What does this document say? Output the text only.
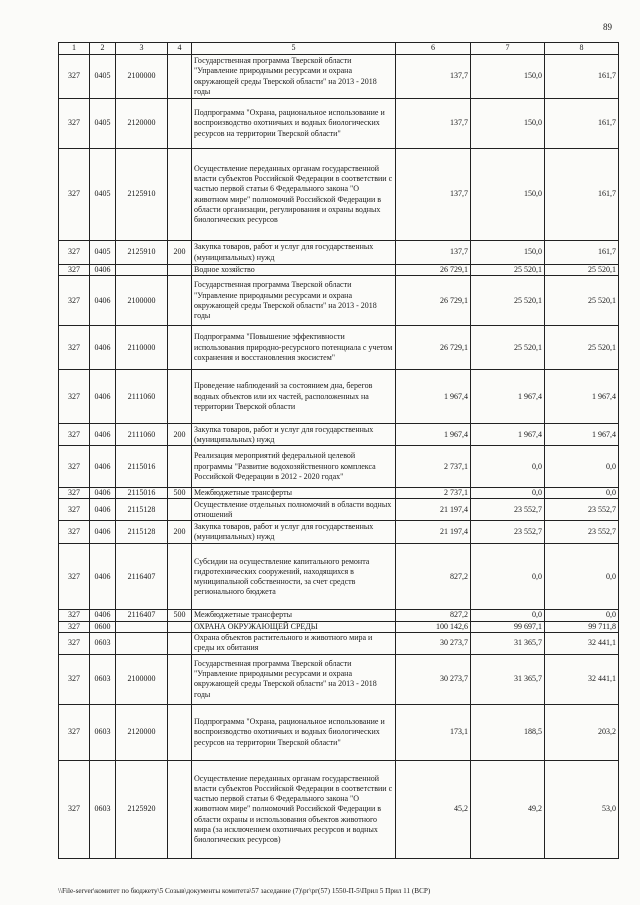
89
1	2	3	4	5	6	7	8
327	0405	2100000		Государственная программа Тверской области "Управление природными ресурсами и охрана окружающей среды Тверской области" на 2013 - 2018 годы	137,7	150,0	161,7
327	0405	2120000		Подпрограмма "Охрана, рациональное использование и воспроизводство охотничьих и водных биологических ресурсов на территории Тверской области"	137,7	150,0	161,7
327	0405	2125910		Осуществление переданных органам государственной власти субъектов Российской Федерации в соответствии с частью первой статьи 6 Федерального закона "О животном мире" полномочий Российской Федерации в области организации, регулирования и охраны водных биологических ресурсов	137,7	150,0	161,7
327	0405	2125910	200	Закупка товаров, работ и услуг для государственных (муниципальных) нужд	137,7	150,0	161,7
327	0406			Водное хозяйство	26 729,1	25 520,1	25 520,1
327	0406	2100000		Государственная программа Тверской области "Управление природными ресурсами и охрана окружающей среды Тверской области" на 2013 - 2018 годы	26 729,1	25 520,1	25 520,1
327	0406	2110000		Подпрограмма "Повышение эффективности использования природно-ресурсного потенциала с учетом сохранения и восстановления экосистем"	26 729,1	25 520,1	25 520,1
327	0406	2111060		Проведение наблюдений за состоянием дна, берегов водных объектов или их частей, расположенных на территории Тверской области	1 967,4	1 967,4	1 967,4
327	0406	2111060	200	Закупка товаров, работ и услуг для государственных (муниципальных) нужд	1 967,4	1 967,4	1 967,4
327	0406	2115016		Реализация мероприятий федеральной целевой программы "Развитие водохозяйственного комплекса Российской Федерации в 2012 - 2020 годах"	2 737,1	0,0	0,0
327	0406	2115016	500	Межбюджетные трансферты	2 737,1	0,0	0,0
327	0406	2115128		Осуществление отдельных полномочий в области водных отношений	21 197,4	23 552,7	23 552,7
327	0406	2115128	200	Закупка товаров, работ и услуг для государственных (муниципальных) нужд	21 197,4	23 552,7	23 552,7
327	0406	2116407		Субсидии на осуществление капитального ремонта гидротехнических сооружений, находящихся в муниципальной собственности, за счет средств регионального бюджета	827,2	0,0	0,0
327	0406	2116407	500	Межбюджетные трансферты	827,2	0,0	0,0
327	0600			ОХРАНА ОКРУЖАЮЩЕЙ СРЕДЫ	100 142,6	99 697,1	99 711,8
327	0603			Охрана объектов растительного и животного мира и среды их обитания	30 273,7	31 365,7	32 441,1
327	0603	2100000		Государственная программа Тверской области "Управление природными ресурсами и охрана окружающей среды Тверской области" на 2013 - 2018 годы	30 273,7	31 365,7	32 441,1
327	0603	2120000		Подпрограмма "Охрана, рациональное использование и воспроизводство охотничьих и водных биологических ресурсов на территории Тверской области"	173,1	188,5	203,2
327	0603	2125920		Осуществление переданных органам государственной власти субъектов Российской Федерации в соответствии с частью первой статьи 6 Федерального закона "О животном мире" полномочий Российской Федерации в области охраны и использования объектов животного мира (за исключением охотничьих ресурсов и водных биологических ресурсов)	45,2	49,2	53,0
\\File-server\комитет по бюджету\5 Созыв\документы комитета\57 заседание (7)\рг\рг(57) 1550-П-5\Прил 5 Прил 11 (ВСР)
